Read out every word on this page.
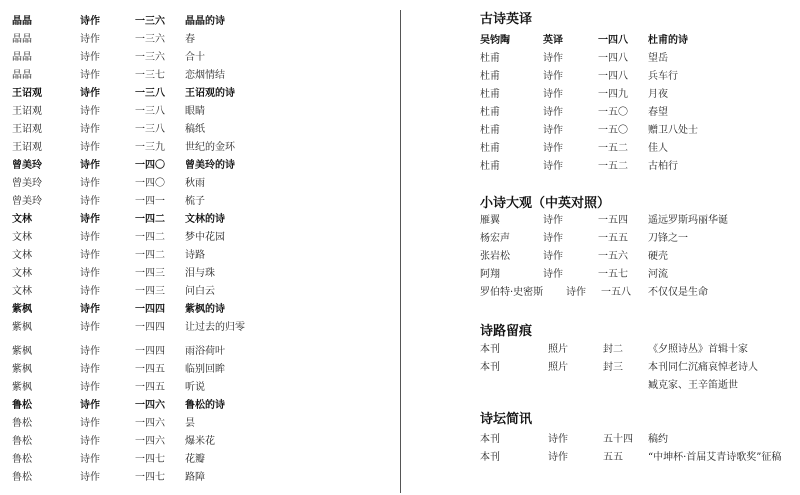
晶晶	诗作	一三六 晶晶的诗
晶晶	诗作	一三六 春
晶晶	诗作	一三六 合十
晶晶	诗作	一三七 恋烟情结
王诏观	诗作	一三八 王诏观的诗
王诏观	诗作	一三八 眼睛
王诏观	诗作	一三八 稿纸
王诏观	诗作	一三九 世纪的金环
曾美玲	诗作	一四〇 曾美玲的诗
曾美玲	诗作	一四〇 秋雨
曾美玲	诗作	一四一 梳子
文林	诗作	一四二 文林的诗
文林	诗作	一四二 梦中花园
文林	诗作	一四二 诗路
文林	诗作	一四三 泪与珠
文林	诗作	一四三 问白云
紫枫	诗作	一四四 紫枫的诗
紫枫	诗作	一四四 让过去的归零
紫枫	诗作	一四四 雨浴荷叶
紫枫	诗作	一四五 临别回眸
紫枫	诗作	一四五 听说
鲁松	诗作	一四六 鲁松的诗
鲁松	诗作	一四六 昙
鲁松	诗作	一四六 爆米花
鲁松	诗作	一四七 花瓣
鲁松	诗作	一四七 路障
古诗英译
吴钧陶	英译	一四八 杜甫的诗
杜甫	诗作	一四八 望岳
杜甫	诗作	一四八 兵车行
杜甫	诗作	一四九 月夜
杜甫	诗作	一五〇 春望
杜甫	诗作	一五〇 赠卫八处士
杜甫	诗作	一五二 佳人
杜甫	诗作	一五二 古柏行
小诗大观（中英对照）
雁翼	诗作	一五四 遥远罗斯玛丽华诞
杨宏声	诗作	一五五 刀锋之一
张岩松	诗作	一五六 硬壳
阿翔	诗作	一五七 河流
罗伯特·史密斯 诗作 一五八 不仅仅是生命
诗路留痕
本刊	照片	封二	《夕照诗丛》首辑十家
本刊	照片	封三	本刊同仁沉痛哀悼老诗人
臧克家、王辛笛逝世
诗坛简讯
本刊	诗作	五十四 稿约
本刊	诗作	五五	“中坤杯·首届艾青诗歌奖”征稿
